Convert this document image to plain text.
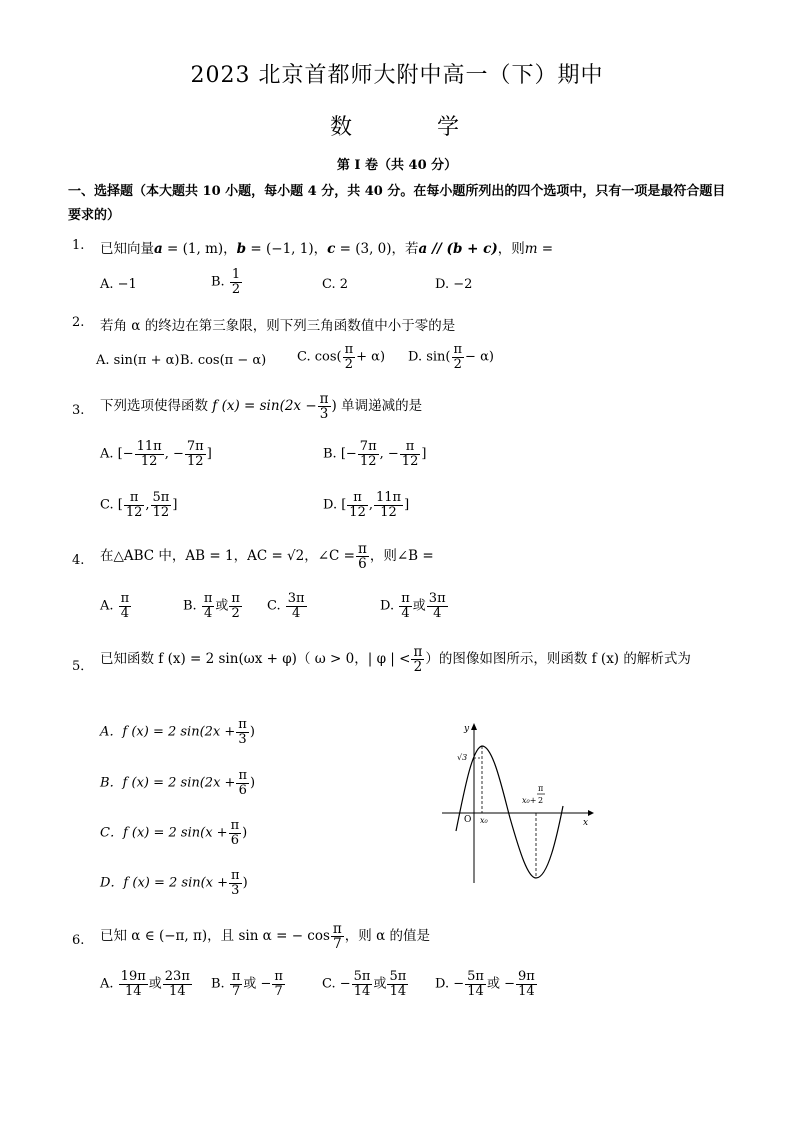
2023 北京首都师大附中高一（下）期中
数	学
第 I 卷（共 40 分）
一、选择题（本大题共 10 小题，每小题 4 分，共 40 分。在每小题所列出的四个选项中，只有一项是最符合题目要求的）
1. 已知向量a = (1, m)，b = (−1, 1)，c = (3, 0)，若a // (b + c)，则m =
A. −1	B. $\frac{1}{2}$	C. 2	D. −2
2. 若角 α 的终边在第三象限，则下列三角函数值中小于零的是
A. sin(π + α) B. cos(π − α) C. $\cos( \frac{\pi}{2} + \alpha)$ D. $\sin( \frac{\pi}{2} - \alpha)$
3. 下列选项使得函数 f $(x) = \sin(2x - \frac{\pi}{3}$ ) 单调递减的是
A. [− $\frac{11\pi}{12}$ , − $\frac{7\pi}{12}$ ]	B. [− $\frac{7\pi}{12}$ , − $\frac{\pi}{12}$ ]
C. [ $\frac{\pi}{12}$ , $\frac{5\pi}{12}$ ]	D. [ $\frac{\pi}{12}$ , $\frac{11\pi}{12}$ ]
4. 在△ABC 中，AB = 1，AC = √2，∠C = $\frac{\pi}{6}$ ，则∠B =
A. $\frac{\pi}{4}$	B. $\frac{\pi}{4}$ 或 $\frac{\pi}{2} C$. $\frac{3\pi}{4}$	D. $\frac{\pi}{4}$ 或 $\frac{3\pi}{4}$
5． 已知函数 f (x) = 2 sin(ωx + φ)（ ω > 0，| φ | < $\frac{\pi}{2}$ ）的图像如图所示，则函数 f (x) 的解析式为
A．f (x) = 2 $\sin(2x + \frac{\pi}{3}$ )
B．f (x) = 2 $\sin(2x + \frac{\pi}{6}$ )
C．f (x) = 2 $\sin(x + \frac{\pi}{6}$ )
D．f (x) = 2 $\sin(x + \frac{\pi}{3}$ )
y
x
O
√3
x₀
x₀+
π
2
6. 已知 α ∈ (−π, π)，且 sin α = − $\cos \frac{\pi}{7}$ ，则 α 的值是
A. $\frac{19\pi}{14}$ 或 $\frac{23\pi}{14} B$. $\frac{\pi}{7}$ 或 − $\frac{\pi}{7}$	C. − $\frac{5\pi}{14}$ 或 $\frac{5\pi}{14} D$. − $\frac{5\pi}{14}$ 或 − $\frac{9\pi}{14}$
